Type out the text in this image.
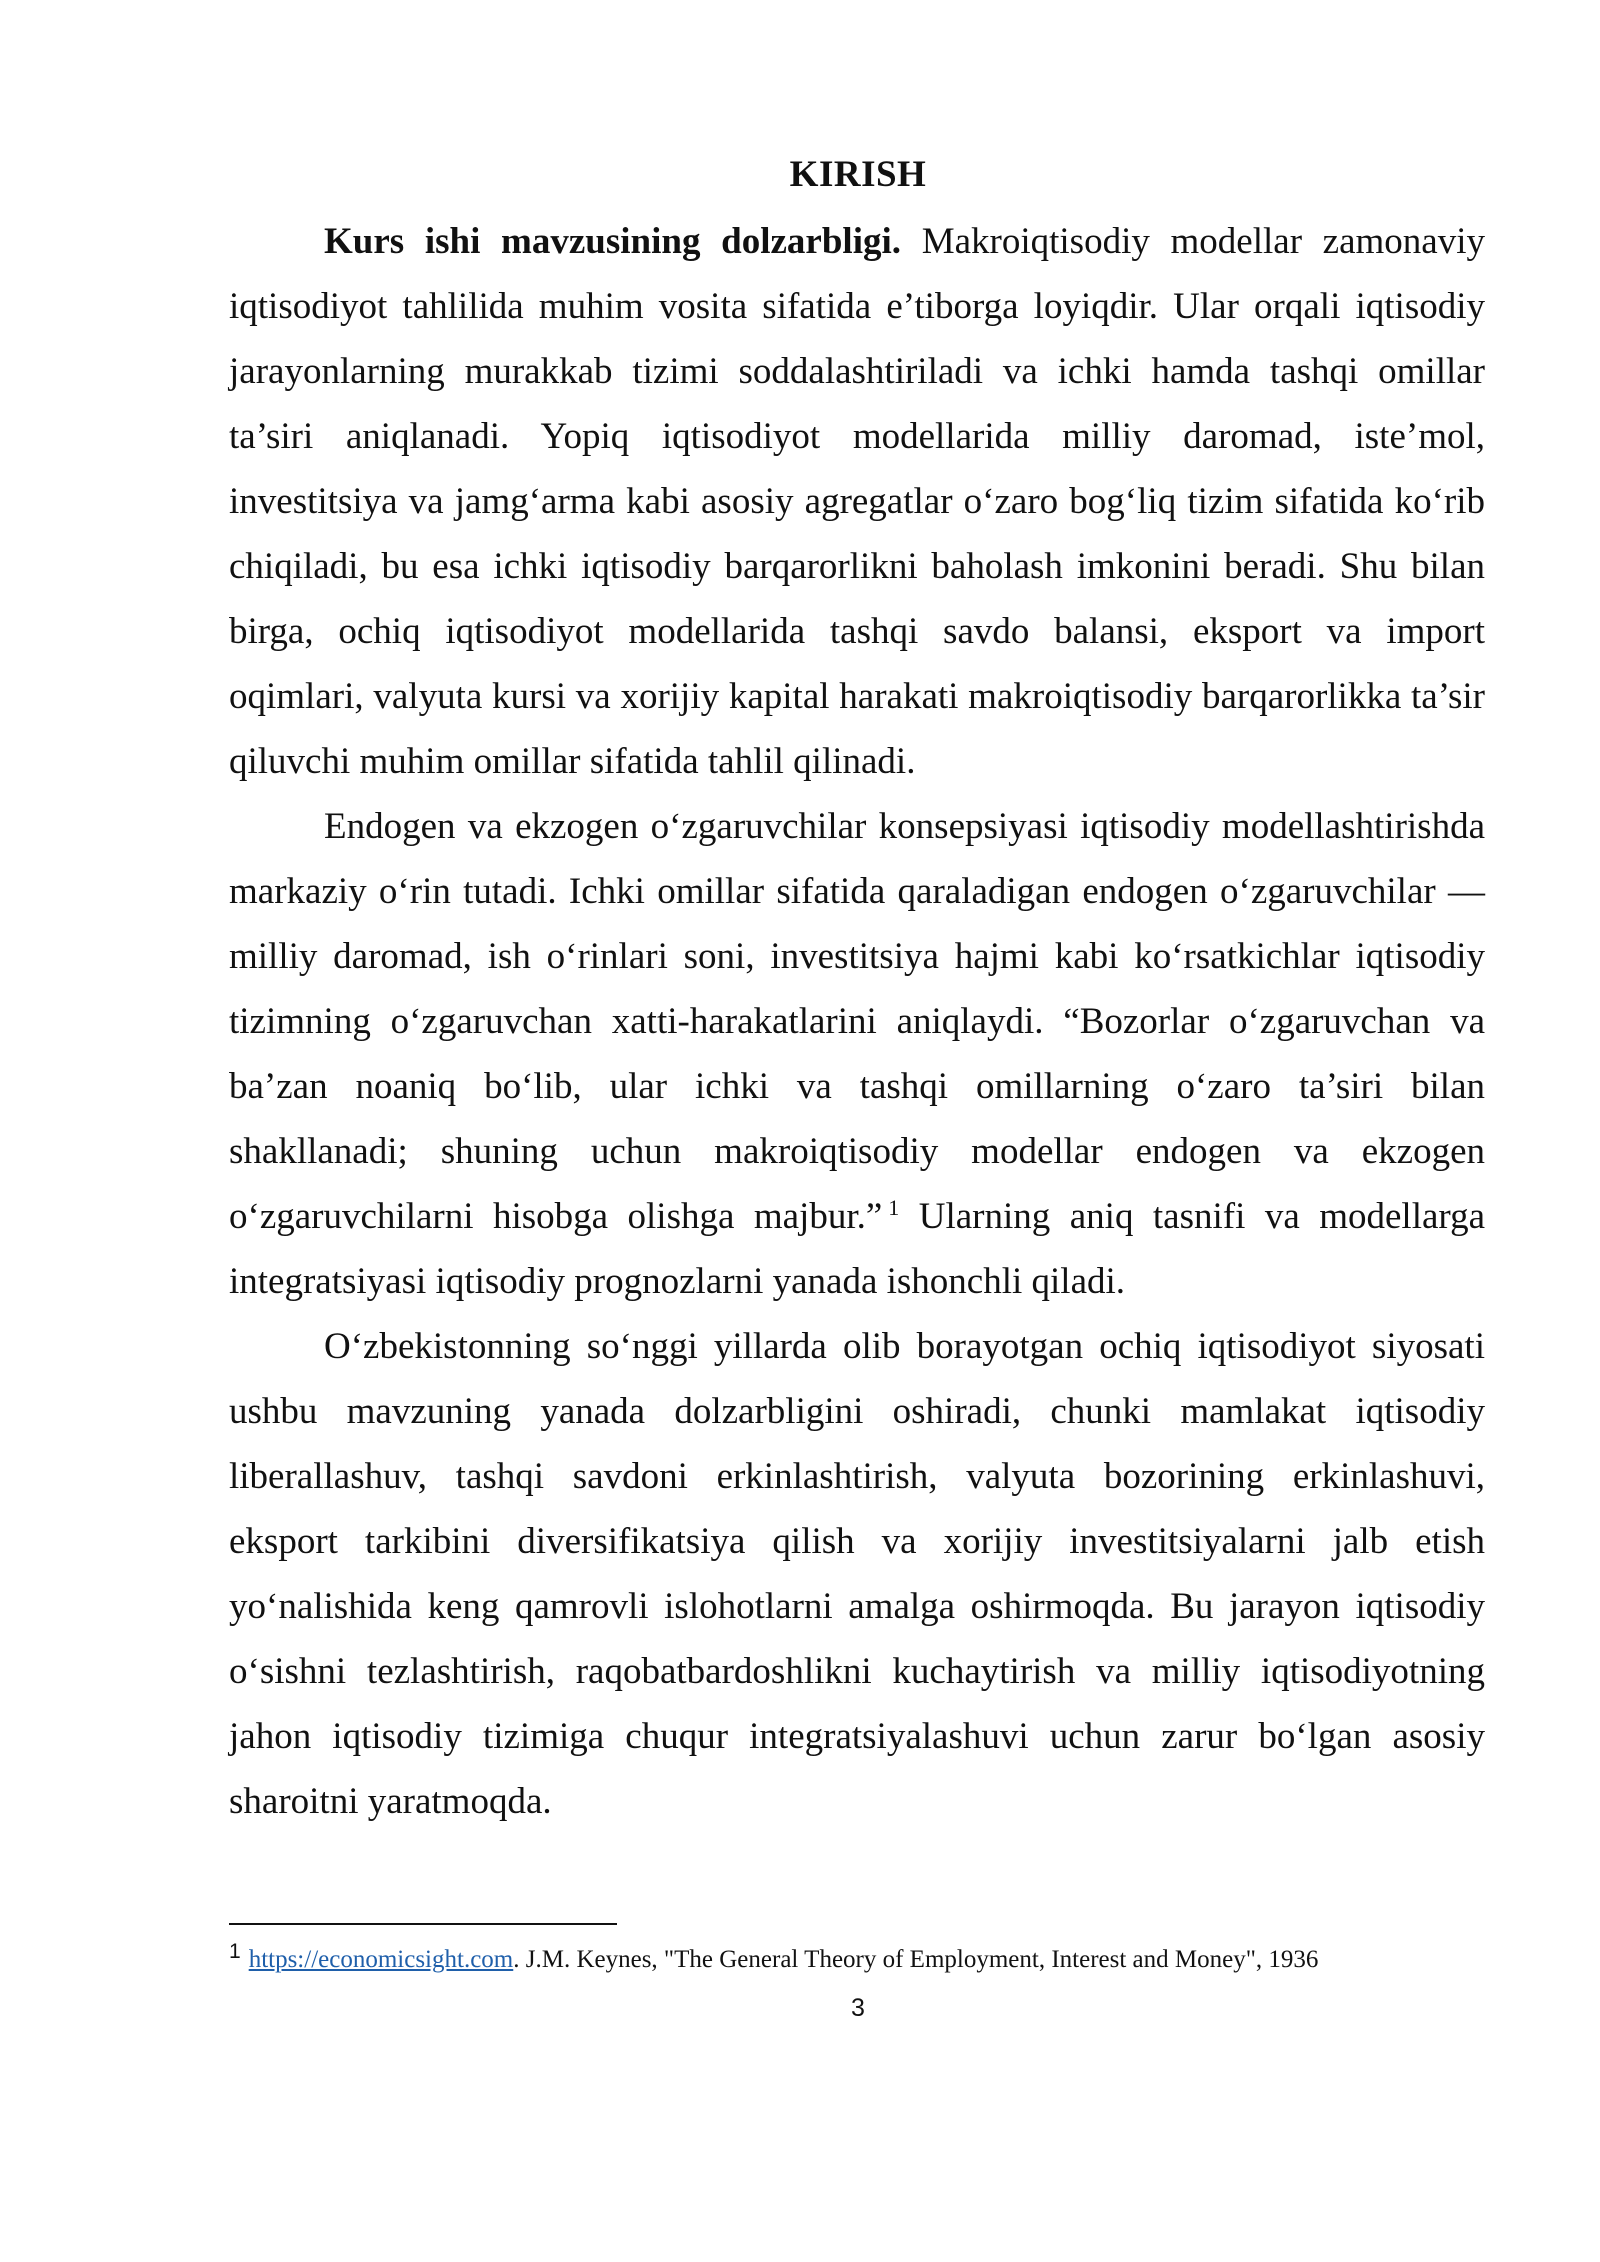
KIRISH

Kurs ishi mavzusining dolzarbligi. Makroiqtisodiy modellar zamonaviy iqtisodiyot tahlilida muhim vosita sifatida e’tiborga loyiqdir. Ular orqali iqtisodiy jarayonlarning murakkab tizimi soddalashtiriladi va ichki hamda tashqi omillar ta’siri aniqlanadi. Yopiq iqtisodiyot modellarida milliy daromad, iste’mol, investitsiya va jamg‘arma kabi asosiy agregatlar o‘zaro bog‘liq tizim sifatida ko‘rib chiqiladi, bu esa ichki iqtisodiy barqarorlikni baholash imkonini beradi. Shu bilan birga, ochiq iqtisodiyot modellarida tashqi savdo balansi, eksport va import oqimlari, valyuta kursi va xorijiy kapital harakati makroiqtisodiy barqarorlikka ta’sir qiluvchi muhim omillar sifatida tahlil qilinadi.

Endogen va ekzogen o‘zgaruvchilar konsepsiyasi iqtisodiy modellashtirishda markaziy o‘rin tutadi. Ichki omillar sifatida qaraladigan endogen o‘zgaruvchilar — milliy daromad, ish o‘rinlari soni, investitsiya hajmi kabi ko‘rsatkichlar iqtisodiy tizimning o‘zgaruvchan xatti-harakatlarini aniqlaydi. “Bozorlar o‘zgaruvchan va ba’zan noaniq bo‘lib, ular ichki va tashqi omillarning o‘zaro ta’siri bilan shakllanadi; shuning uchun makroiqtisodiy modellar endogen va ekzogen o‘zgaruvchilarni hisobga olishga majbur.” $^1$ Ularning aniq tasnifi va modellarga integratsiyasi iqtisodiy prognozlarni yanada ishonchli qiladi.

O‘zbekistonning so‘nggi yillarda olib borayotgan ochiq iqtisodiyot siyosati ushbu mavzuning yanada dolzarbligini oshiradi, chunki mamlakat iqtisodiy liberallashuv, tashqi savdoni erkinlashtirish, valyuta bozorining erkinlashuvi, eksport tarkibini diversifikatsiya qilish va xorijiy investitsiyalarni jalb etish yo‘nalishida keng qamrovli islohotlarni amalga oshirmoqda. Bu jarayon iqtisodiy o‘sishni tezlashtirish, raqobatbardoshlikni kuchaytirish va milliy iqtisodiyotning jahon iqtisodiy tizimiga chuqur integratsiyalashuvi uchun zarur bo‘lgan asosiy sharoitni yaratmoqda.

$^1$ https://economicsight.com. J.M. Keynes, "The General Theory of Employment, Interest and Money", 1936
3
